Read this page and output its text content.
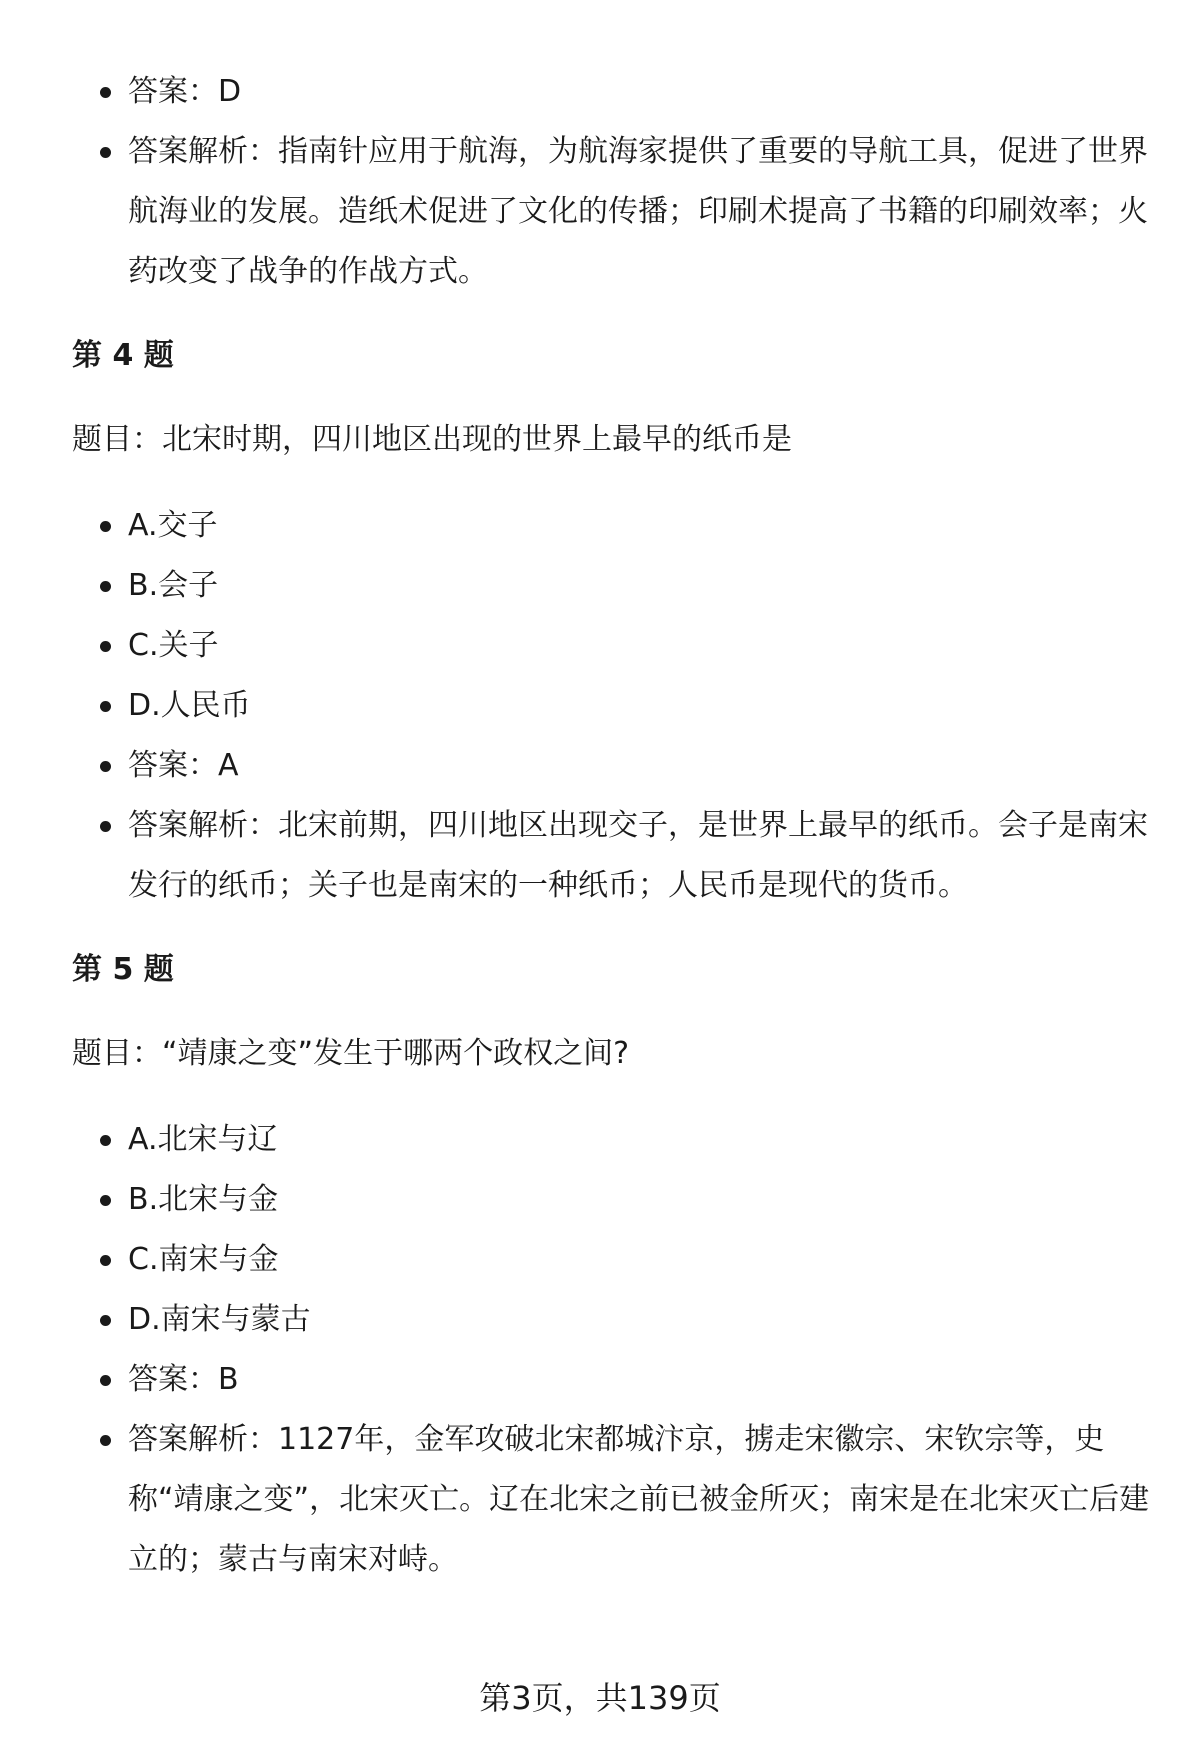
答案：D
答案解析：指南针应用于航海，为航海家提供了重要的导航工具，促进了世界航海业的发展。造纸术促进了文化的传播；印刷术提高了书籍的印刷效率；火药改变了战争的作战方式。
第 4 题
题目：北宋时期，四川地区出现的世界上最早的纸币是
A.交子
B.会子
C.关子
D.人民币
答案：A
答案解析：北宋前期，四川地区出现交子，是世界上最早的纸币。会子是南宋发行的纸币；关子也是南宋的一种纸币；人民币是现代的货币。
第 5 题
题目：“靖康之变”发生于哪两个政权之间?
A.北宋与辽
B.北宋与金
C.南宋与金
D.南宋与蒙古
答案：B
答案解析：1127年，金军攻破北宋都城汴京，掳走宋徽宗、宋钦宗等，史称“靖康之变”，北宋灭亡。辽在北宋之前已被金所灭；南宋是在北宋灭亡后建立的；蒙古与南宋对峙。
第3页，共139页
